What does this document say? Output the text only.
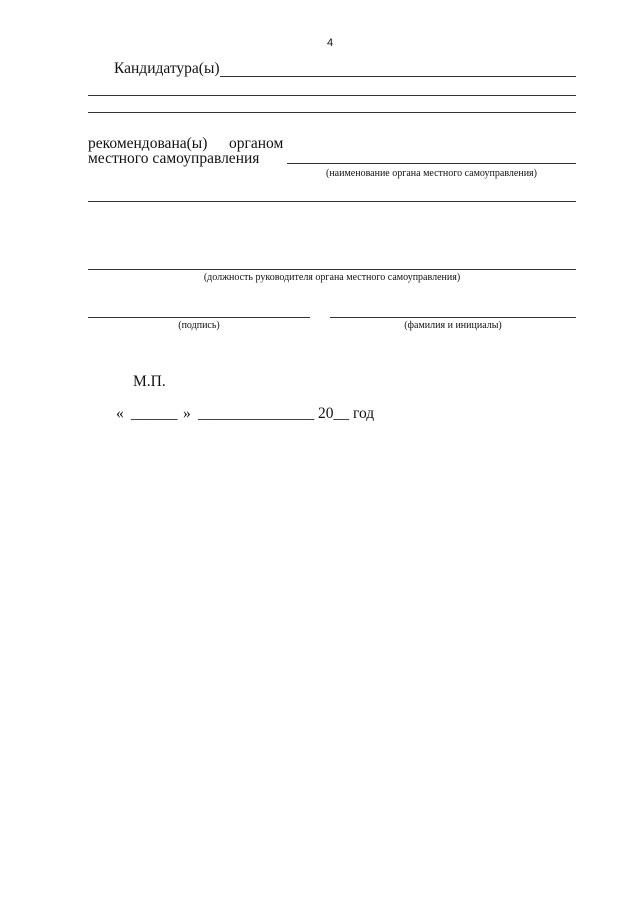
4
Кандидатура(ы)
рекомендована(ы) органом
местного самоуправления
(наименование органа местного самоуправления)
(должность руководителя органа местного самоуправления)
(подпись)	(фамилия и инициалы)
М.П.
« ______ » _______________ 20__ год
